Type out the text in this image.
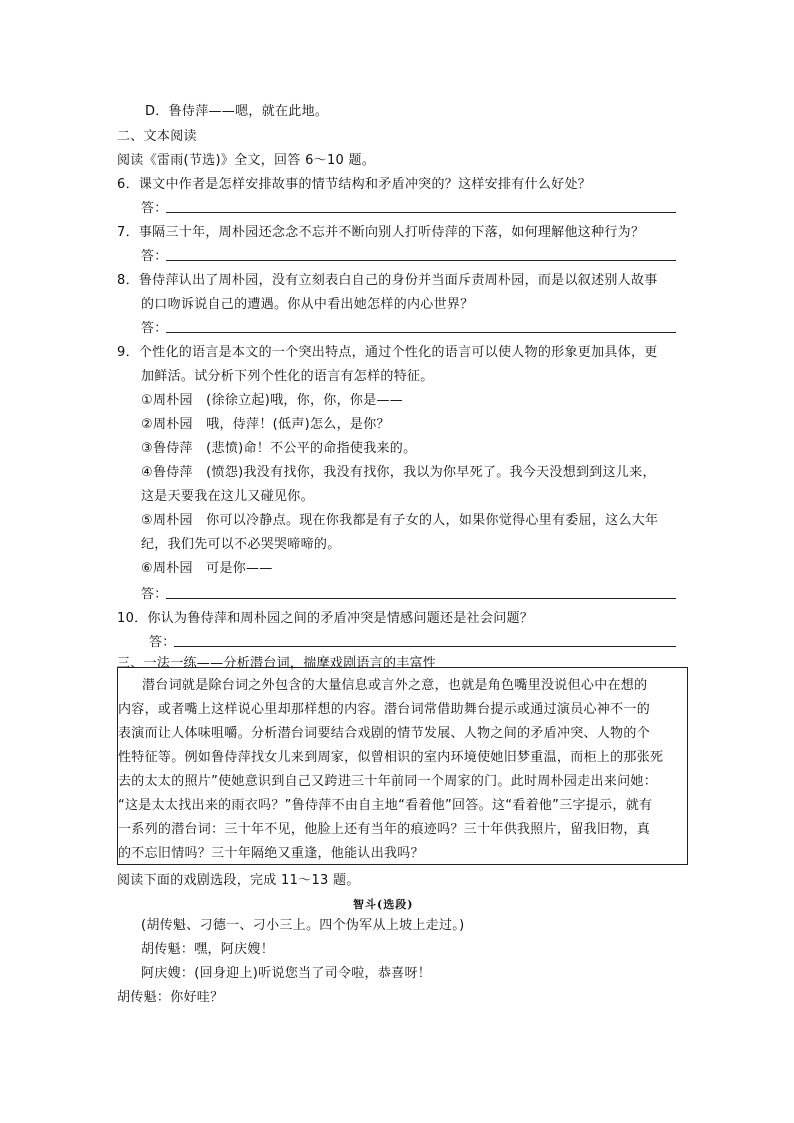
D．鲁侍萍——嗯，就在此地。
二、文本阅读
阅读《雷雨(节选)》全文，回答 6～10 题。
6．课文中作者是怎样安排故事的情节结构和矛盾冲突的？这样安排有什么好处？
答：
7．事隔三十年，周朴园还念念不忘并不断向别人打听侍萍的下落，如何理解他这种行为？
答：
8．鲁侍萍认出了周朴园，没有立刻表白自己的身份并当面斥责周朴园，而是以叙述别人故事
的口吻诉说自己的遭遇。你从中看出她怎样的内心世界？
答：
9．个性化的语言是本文的一个突出特点，通过个性化的语言可以使人物的形象更加具体，更
加鲜活。试分析下列个性化的语言有怎样的特征。
①周朴园　(徐徐立起)哦，你，你，你是——
②周朴园　哦，侍萍！(低声)怎么，是你？
③鲁侍萍　(悲愤)命！不公平的命指使我来的。
④鲁侍萍　(愤怨)我没有找你，我没有找你，我以为你早死了。我今天没想到到这儿来，
这是天要我在这儿又碰见你。
⑤周朴园　你可以冷静点。现在你我都是有子女的人，如果你觉得心里有委屈，这么大年
纪，我们先可以不必哭哭啼啼的。
⑥周朴园　可是你——
答：
10．你认为鲁侍萍和周朴园之间的矛盾冲突是情感问题还是社会问题？
答：
三、一法一练——分析潜台词，揣摩戏剧语言的丰富性
潜台词就是除台词之外包含的大量信息或言外之意，也就是角色嘴里没说但心中在想的
内容，或者嘴上这样说心里却那样想的内容。潜台词常借助舞台提示或通过演员心神不一的
表演而让人体味咀嚼。分析潜台词要结合戏剧的情节发展、人物之间的矛盾冲突、人物的个
性特征等。例如鲁侍萍找女儿来到周家，似曾相识的室内环境使她旧梦重温，而柜上的那张死
去的太太的照片”使她意识到自己又跨进三十年前同一个周家的门。此时周朴园走出来问她：
“这是太太找出来的雨衣吗？”鲁侍萍不由自主地“看着他”回答。这“看着他”三字提示，就有
一系列的潜台词：三十年不见，他脸上还有当年的痕迹吗？三十年供我照片，留我旧物，真
的不忘旧情吗？三十年隔绝又重逢，他能认出我吗？
阅读下面的戏剧选段，完成 11～13 题。
智斗(选段)
(胡传魁、刁德一、刁小三上。四个伪军从上坡上走过。)
胡传魁：嘿，阿庆嫂！
阿庆嫂：(回身迎上)听说您当了司令啦，恭喜呀！
胡传魁：你好哇？
